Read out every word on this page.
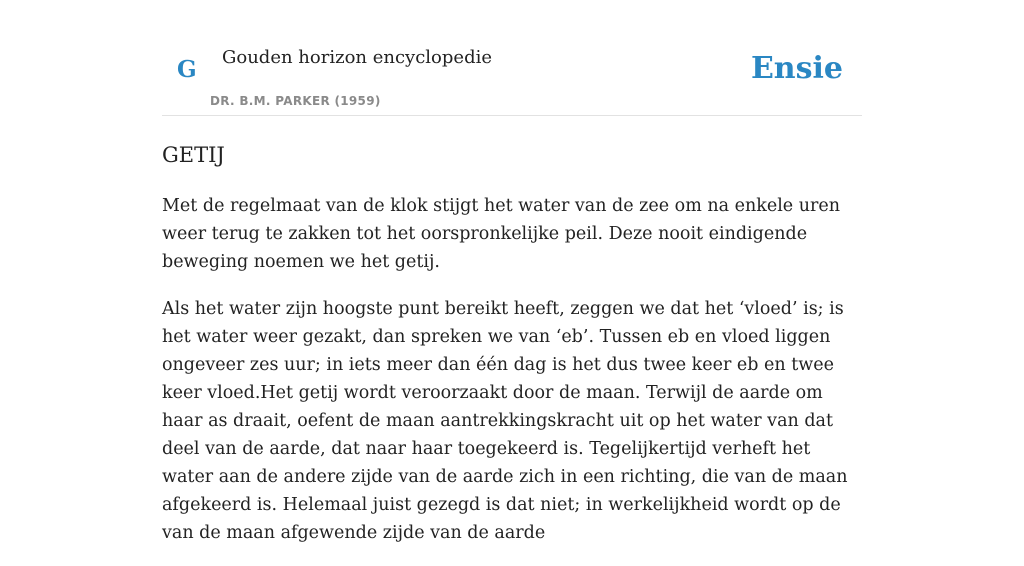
G Gouden horizon encyclopedie
DR. B.M. PARKER (1959)
Ensie
GETIJ

Met de regelmaat van de klok stijgt het water van de zee om na enkele uren weer terug te zakken tot het oorspronkelijke peil. Deze nooit eindigende beweging noemen we het getij.

Als het water zijn hoogste punt bereikt heeft, zeggen we dat het ‘vloed’ is; is het water weer gezakt, dan spreken we van ‘eb’. Tussen eb en vloed liggen ongeveer zes uur; in iets meer dan één dag is het dus twee keer eb en twee keer vloed.Het getij wordt veroorzaakt door de maan. Terwijl de aarde om haar as draait, oefent de maan aantrekkingskracht uit op het water van dat deel van de aarde, dat naar haar toegekeerd is. Tegelijkertijd verheft het water aan de andere zijde van de aarde zich in een richting, die van de maan afgekeerd is. Helemaal juist gezegd is dat niet; in werkelijkheid wordt op de van de maan afgewende zijde van de aarde
